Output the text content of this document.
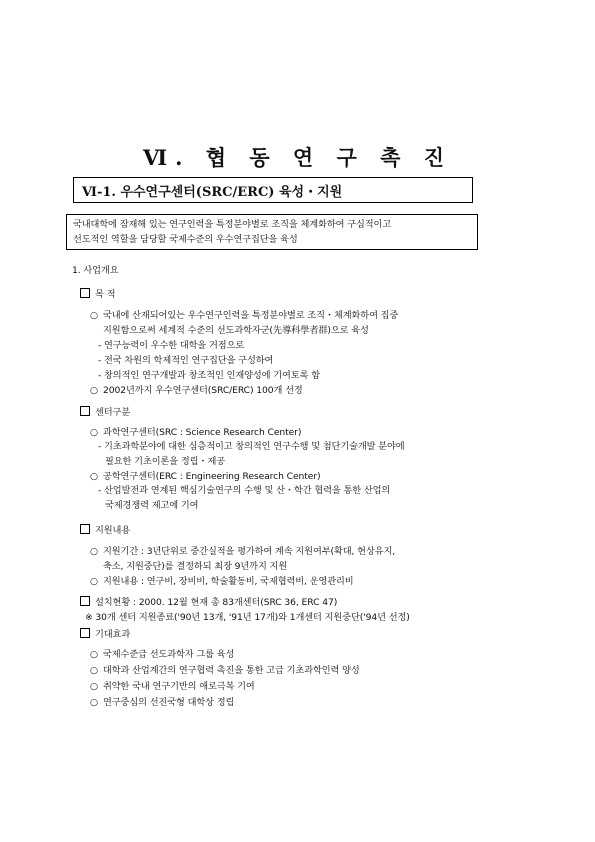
Ⅵ. 협 동 연 구 촉 진
Ⅵ-1. 우수연구센터(SRC/ERC) 육성・지원
국내대학에 잠재해 있는 연구인력을 특정분야별로 조직을 체계화하여 구심적이고
선도적인 역할을 담당할 국제수준의 우수연구집단을 육성
1. 사업개요
목 적
○ 국내에 산재되어있는 우수연구인력을 특정분야별로 조직・체계화하여 집중
지원함으로써 세계적 수준의 선도과학자군(先導科學者群)으로 육성
- 연구능력이 우수한 대학을 거점으로
- 전국 차원의 학제적인 연구집단을 구성하여
- 창의적인 연구개발과 창조적인 인재양성에 기여토록 함
○ 2002년까지 우수연구센터(SRC/ERC) 100개 선정
센터구분
○ 과학연구센터(SRC : Science Research Center)
- 기초과학분야에 대한 심층적이고 창의적인 연구수행 및 첨단기술개발 분야에
필요한 기초이론을 정립・제공
○ 공학연구센터(ERC : Engineering Research Center)
- 산업발전과 연계된 핵심기술연구의 수행 및 산・학간 협력을 통한 산업의
국제경쟁력 제고에 기여
지원내용
○ 지원기간 : 3년단위로 중간실적을 평가하여 계속 지원여부(확대, 현상유지,
축소, 지원중단)를 결정하되 최장 9년까지 지원
○ 지원내용 : 연구비, 장비비, 학술활동비, 국제협력비, 운영관리비
설치현황 : 2000. 12월 현재 총 83개센터(SRC 36, ERC 47)
※ 30개 센터 지원종료('90년 13개, '91년 17개)와 1개센터 지원중단('94년 선정)
기대효과
○ 국제수준급 선도과학자 그룹 육성
○ 대학과 산업계간의 연구협력 촉진을 통한 고급 기초과학인력 양성
○ 취약한 국내 연구기반의 애로극복 기여
○ 연구중심의 선진국형 대학상 정립
